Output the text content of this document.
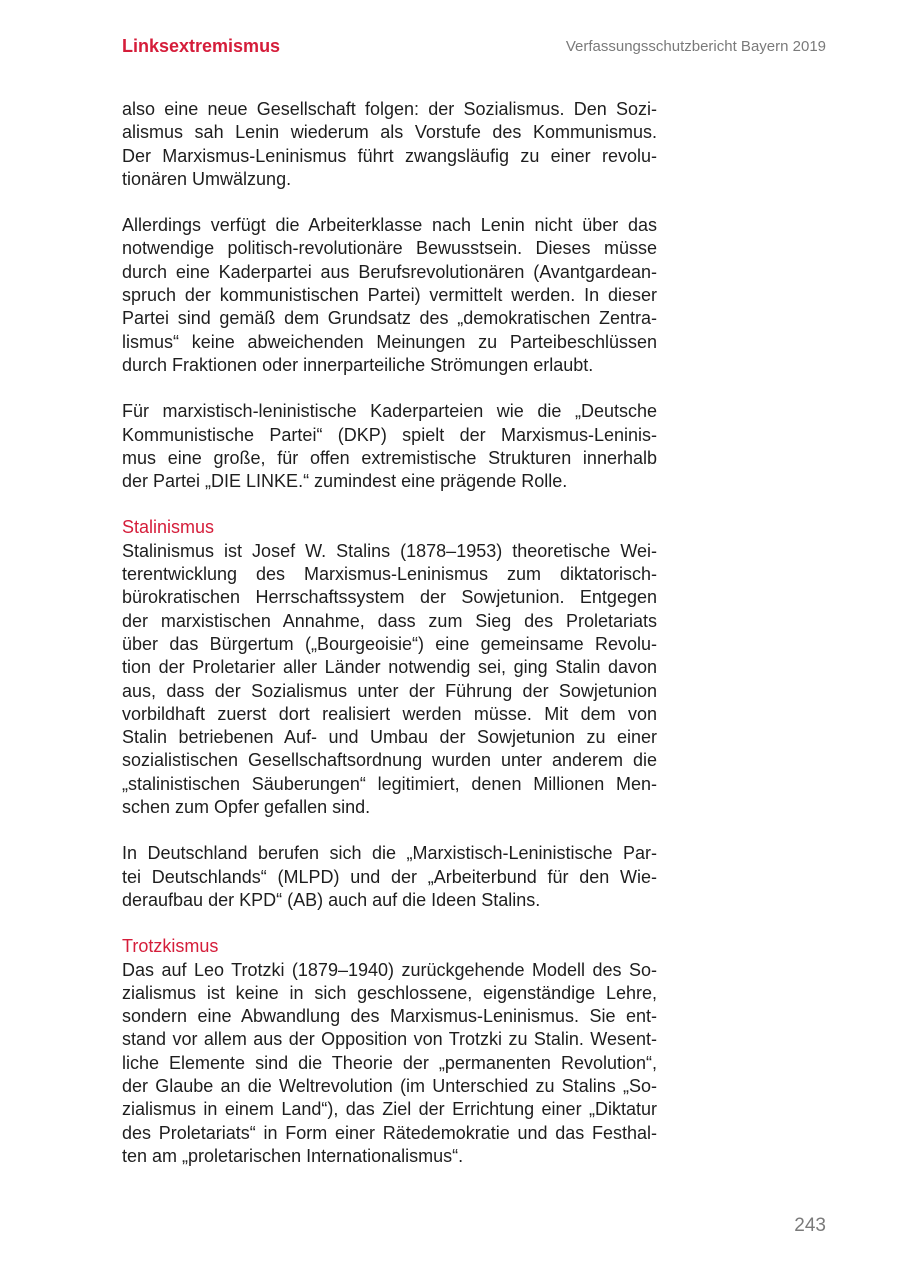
Linksextremismus	Verfassungsschutzbericht Bayern 2019
also eine neue Gesellschaft folgen: der Sozialismus. Den Sozi-
alismus sah Lenin wiederum als Vorstufe des Kommunismus.
Der Marxismus-Leninismus führt zwangsläufig zu einer revolu-
tionären Umwälzung.
Allerdings verfügt die Arbeiterklasse nach Lenin nicht über das
notwendige politisch-revolutionäre Bewusstsein. Dieses müsse
durch eine Kaderpartei aus Berufsrevolutionären (Avantgardean-
spruch der kommunistischen Partei) vermittelt werden. In dieser
Partei sind gemäß dem Grundsatz des „demokratischen Zentra-
lismus“ keine abweichenden Meinungen zu Parteibeschlüssen
durch Fraktionen oder innerparteiliche Strömungen erlaubt.
Für marxistisch-leninistische Kaderparteien wie die „Deutsche
Kommunistische Partei“ (DKP) spielt der Marxismus-Leninis-
mus eine große, für offen extremistische Strukturen innerhalb
der Partei „DIE LINKE.“ zumindest eine prägende Rolle.
Stalinismus
Stalinismus ist Josef W. Stalins (1878–1953) theoretische Wei-
terentwicklung des Marxismus-Leninismus zum diktatorisch-
bürokratischen Herrschaftssystem der Sowjetunion. Entgegen
der marxistischen Annahme, dass zum Sieg des Proletariats
über das Bürgertum („Bourgeoisie“) eine gemeinsame Revolu-
tion der Proletarier aller Länder notwendig sei, ging Stalin davon
aus, dass der Sozialismus unter der Führung der Sowjetunion
vorbildhaft zuerst dort realisiert werden müsse. Mit dem von
Stalin betriebenen Auf- und Umbau der Sowjetunion zu einer
sozialistischen Gesellschaftsordnung wurden unter anderem die
„stalinistischen Säuberungen“ legitimiert, denen Millionen Men-
schen zum Opfer gefallen sind.
In Deutschland berufen sich die „Marxistisch-Leninistische Par-
tei Deutschlands“ (MLPD) und der „Arbeiterbund für den Wie-
deraufbau der KPD“ (AB) auch auf die Ideen Stalins.
Trotzkismus
Das auf Leo Trotzki (1879–1940) zurückgehende Modell des So-
zialismus ist keine in sich geschlossene, eigenständige Lehre,
sondern eine Abwandlung des Marxismus-Leninismus. Sie ent-
stand vor allem aus der Opposition von Trotzki zu Stalin. Wesent-
liche Elemente sind die Theorie der „permanenten Revolution“,
der Glaube an die Weltrevolution (im Unterschied zu Stalins „So-
zialismus in einem Land“), das Ziel der Errichtung einer „Diktatur
des Proletariats“ in Form einer Rätedemokratie und das Festhal-
ten am „proletarischen Internationalismus“.
243
